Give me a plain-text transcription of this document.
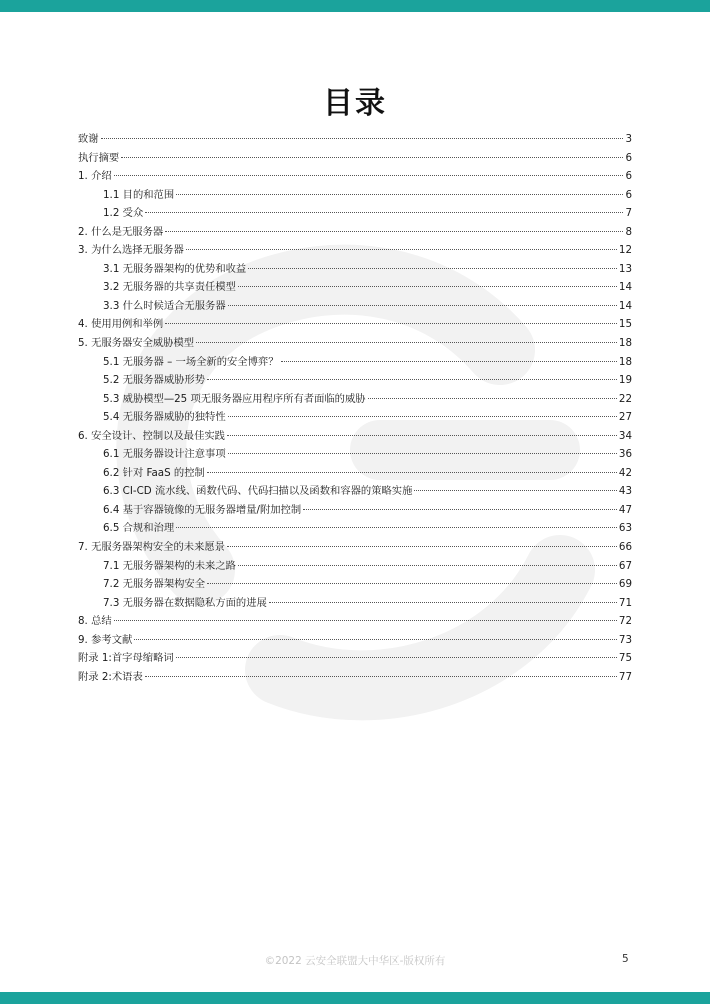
目录
致谢	3
执行摘要	6
1. 介绍	6
1.1 目的和范围	6
1.2 受众	7
2. 什么是无服务器	8
3. 为什么选择无服务器	12
3.1 无服务器架构的优势和收益	13
3.2 无服务器的共享责任模型	14
3.3 什么时候适合无服务器	14
4. 使用用例和举例	15
5. 无服务器安全威胁模型	18
5.1 无服务器 – 一场全新的安全博弈？	18
5.2 无服务器威胁形势	19
5.3 威胁模型—25 项无服务器应用程序所有者面临的威胁	22
5.4 无服务器威胁的独特性	27
6. 安全设计、控制以及最佳实践	34
6.1 无服务器设计注意事项	36
6.2 针对 FaaS 的控制	42
6.3 CI-CD 流水线、函数代码、代码扫描以及函数和容器的策略实施	43
6.4 基于容器镜像的无服务器增量/附加控制	47
6.5 合规和治理	63
7. 无服务器架构安全的未来愿景	66
7.1 无服务器架构的未来之路	67
7.2 无服务器架构安全	69
7.3 无服务器在数据隐私方面的进展	71
8. 总结	72
9. 参考文献	73
附录 1:首字母缩略词	75
附录 2:术语表	77
©2022 云安全联盟大中华区-版权所有	5
